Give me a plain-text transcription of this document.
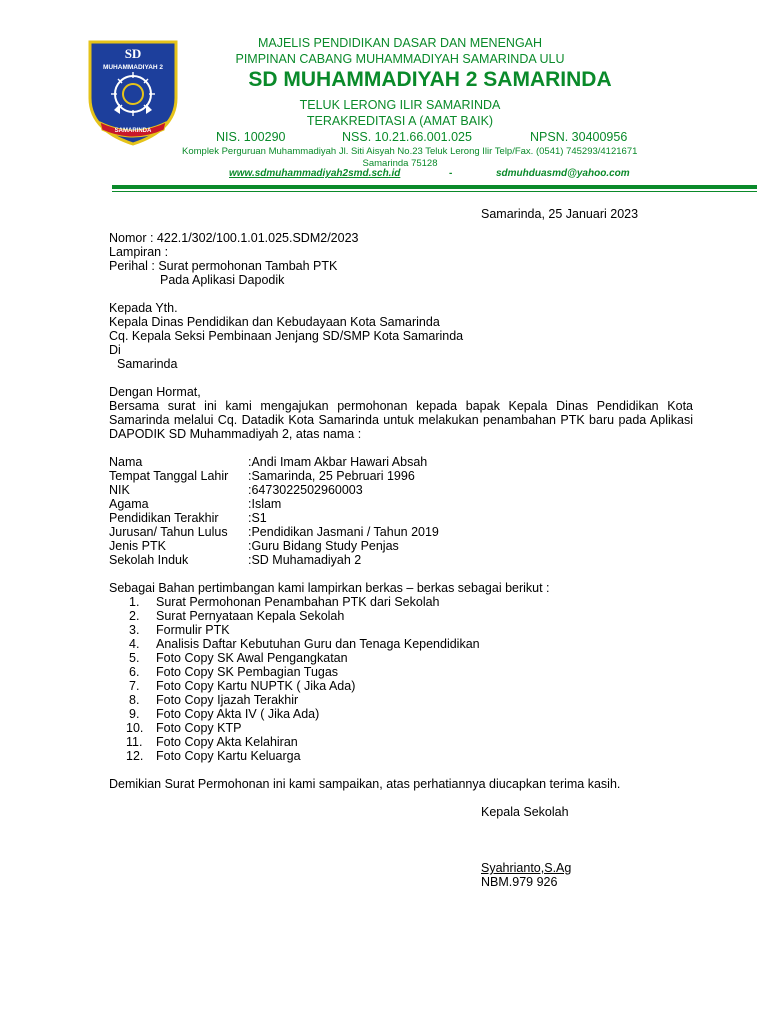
SD
MUHAMMADIYAH 2
SAMARINDA
MAJELIS PENDIDIKAN DASAR DAN MENENGAH
PIMPINAN CABANG MUHAMMADIYAH SAMARINDA ULU
SD MUHAMMADIYAH 2 SAMARINDA
TELUK LERONG ILIR SAMARINDA
TERAKREDITASI A (AMAT BAIK)
NIS. 100290	NSS. 10.21.66.001.025	NPSN. 30400956
Komplek Perguruan Muhammadiyah Jl. Siti Aisyah No.23 Teluk Lerong Ilir Telp/Fax. (0541) 745293/4121671
Samarinda 75128
www.sdmuhammadiyah2smd.sch.id	-	sdmuhduasmd@yahoo.com
Samarinda, 25 Januari 2023
Nomor : 422.1/302/100.1.01.025.SDM2/2023
Lampiran :
Perihal : Surat permohonan Tambah PTK
Pada Aplikasi Dapodik
Kepada Yth.
Kepala Dinas Pendidikan dan Kebudayaan Kota Samarinda
Cq. Kepala Seksi Pembinaan Jenjang SD/SMP Kota Samarinda
Di
Samarinda
Dengan Hormat,
Bersama surat ini kami mengajukan permohonan kepada bapak Kepala Dinas Pendidikan Kota Samarinda melalui Cq. Datadik Kota Samarinda untuk melakukan penambahan PTK baru pada Aplikasi DAPODIK SD Muhammadiyah 2, atas nama :
Nama	:Andi Imam Akbar Hawari Absah
Tempat Tanggal Lahir :Samarinda, 25 Pebruari 1996
NIK	:6473022502960003
Agama	:Islam
Pendidikan Terakhir :S1
Jurusan/ Tahun Lulus :Pendidikan Jasmani / Tahun 2019
Jenis PTK	:Guru Bidang Study Penjas
Sekolah Induk	:SD Muhamadiyah 2
Sebagai Bahan pertimbangan kami lampirkan berkas – berkas sebagai berikut :
1. Surat Permohonan Penambahan PTK dari Sekolah
2. Surat Pernyataan Kepala Sekolah
3. Formulir PTK
4. Analisis Daftar Kebutuhan Guru dan Tenaga Kependidikan
5. Foto Copy SK Awal Pengangkatan
6. Foto Copy SK Pembagian Tugas
7. Foto Copy Kartu NUPTK ( Jika Ada)
8. Foto Copy Ijazah Terakhir
9. Foto Copy Akta IV ( Jika Ada)
10. Foto Copy KTP
11. Foto Copy Akta Kelahiran
12. Foto Copy Kartu Keluarga
Demikian Surat Permohonan ini kami sampaikan, atas perhatiannya diucapkan terima kasih.
Kepala Sekolah
Syahrianto,S.Ag
NBM.979 926
